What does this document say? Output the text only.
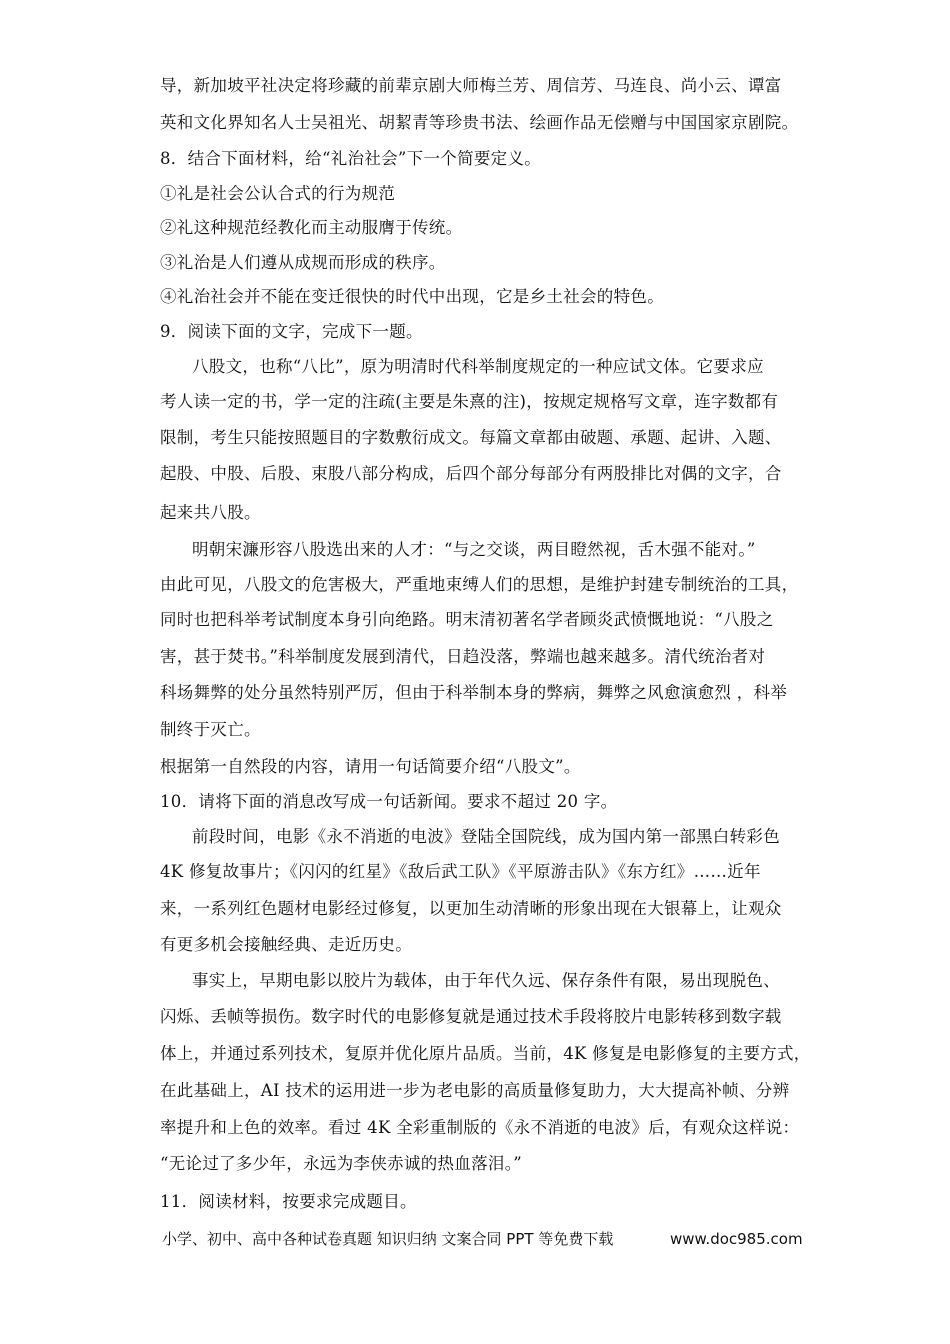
导，新加坡平社决定将珍藏的前辈京剧大师梅兰芳、周信芳、马连良、尚小云、谭富
英和文化界知名人士吴祖光、胡絜青等珍贵书法、绘画作品无偿赠与中国国家京剧院。
8．结合下面材料，给“礼治社会”下一个简要定义。
①礼是社会公认合式的行为规范
②礼这种规范经教化而主动服膺于传统。
③礼治是人们遵从成规而形成的秩序。
④礼治社会并不能在变迁很快的时代中出现，它是乡土社会的特色。
9．阅读下面的文字，完成下一题。
八股文，也称“八比”，原为明清时代科举制度规定的一种应试文体。它要求应
考人读一定的书，学一定的注疏(主要是朱熹的注)，按规定规格写文章，连字数都有
限制，考生只能按照题目的字数敷衍成文。每篇文章都由破题、承题、起讲、入题、
起股、中股、后股、束股八部分构成，后四个部分每部分有两股排比对偶的文字，合
起来共八股。
明朝宋濂形容八股选出来的人才：“与之交谈，两目瞪然视，舌木强不能对。”
由此可见，八股文的危害极大，严重地束缚人们的思想，是维护封建专制统治的工具，
同时也把科举考试制度本身引向绝路。明末清初著名学者顾炎武愤慨地说：“八股之
害，甚于焚书。”科举制度发展到清代，日趋没落，弊端也越来越多。清代统治者对
科场舞弊的处分虽然特别严厉，但由于科举制本身的弊病，舞弊之风愈演愈烈 ，科举
制终于灭亡。
根据第一自然段的内容，请用一句话简要介绍“八股文”。
10．请将下面的消息改写成一句话新闻。要求不超过 20 字。
前段时间，电影《永不消逝的电波》登陆全国院线，成为国内第一部黑白转彩色
4K 修复故事片；《闪闪的红星》《敌后武工队》《平原游击队》《东方红》……近年
来，一系列红色题材电影经过修复，以更加生动清晰的形象出现在大银幕上，让观众
有更多机会接触经典、走近历史。
事实上，早期电影以胶片为载体，由于年代久远、保存条件有限，易出现脱色、
闪烁、丢帧等损伤。数字时代的电影修复就是通过技术手段将胶片电影转移到数字载
体上，并通过系列技术，复原并优化原片品质。当前，4K 修复是电影修复的主要方式，
在此基础上，AI 技术的运用进一步为老电影的高质量修复助力，大大提高补帧、分辨
率提升和上色的效率。看过 4K 全彩重制版的《永不消逝的电波》后，有观众这样说：
“无论过了多少年，永远为李侠赤诚的热血落泪。”
11．阅读材料，按要求完成题目。
小学、初中、高中各种试卷真题 知识归纳 文案合同 PPT 等免费下载	www.doc985.com
